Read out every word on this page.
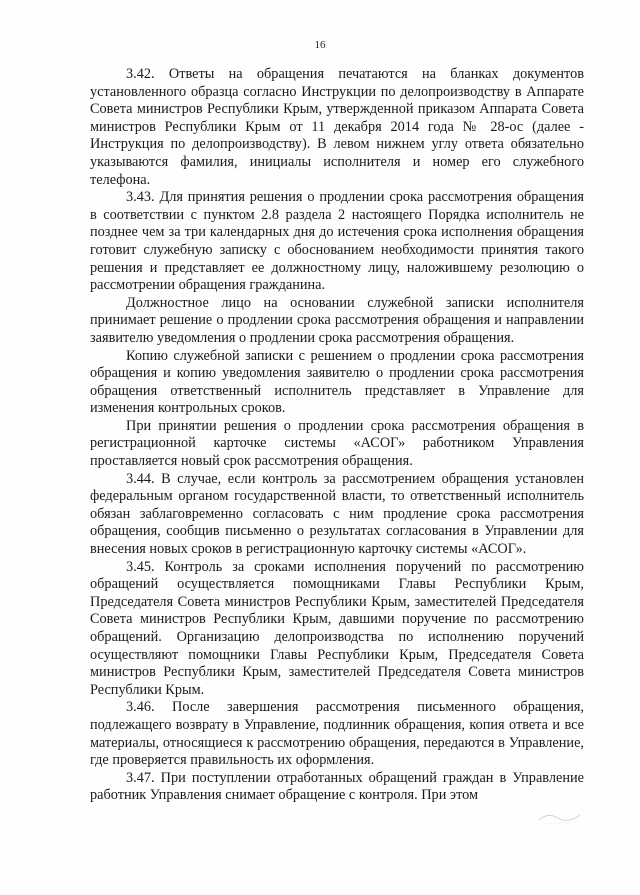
16

3.42. Ответы на обращения печатаются на бланках документов установленного образца согласно Инструкции по делопроизводству в Аппарате Совета министров Республики Крым, утвержденной приказом Аппарата Совета министров Республики Крым от 11 декабря 2014 года № 28-ос (далее - Инструкция по делопроизводству). В левом нижнем углу ответа обязательно указываются фамилия, инициалы исполнителя и номер его служебного телефона.

3.43. Для принятия решения о продлении срока рассмотрения обращения в соответствии с пунктом 2.8 раздела 2 настоящего Порядка исполнитель не позднее чем за три календарных дня до истечения срока исполнения обращения готовит служебную записку с обоснованием необходимости принятия такого решения и представляет ее должностному лицу, наложившему резолюцию о рассмотрении обращения гражданина.

Должностное лицо на основании служебной записки исполнителя принимает решение о продлении срока рассмотрения обращения и направлении заявителю уведомления о продлении срока рассмотрения обращения.

Копию служебной записки с решением о продлении срока рассмотрения обращения и копию уведомления заявителю о продлении срока рассмотрения обращения ответственный исполнитель представляет в Управление для изменения контрольных сроков.

При принятии решения о продлении срока рассмотрения обращения в регистрационной карточке системы «АСОГ» работником Управления проставляется новый срок рассмотрения обращения.

3.44. В случае, если контроль за рассмотрением обращения установлен федеральным органом государственной власти, то ответственный исполнитель обязан заблаговременно согласовать с ним продление срока рассмотрения обращения, сообщив письменно о результатах согласования в Управлении для внесения новых сроков в регистрационную карточку системы «АСОГ».

3.45. Контроль за сроками исполнения поручений по рассмотрению обращений осуществляется помощниками Главы Республики Крым, Председателя Совета министров Республики Крым, заместителей Председателя Совета министров Республики Крым, давшими поручение по рассмотрению обращений. Организацию делопроизводства по исполнению поручений осуществляют помощники Главы Республики Крым, Председателя Совета министров Республики Крым, заместителей Председателя Совета министров Республики Крым.

3.46. После завершения рассмотрения письменного обращения, подлежащего возврату в Управление, подлинник обращения, копия ответа и все материалы, относящиеся к рассмотрению обращения, передаются в Управление, где проверяется правильность их оформления.

3.47. При поступлении отработанных обращений граждан в Управление работник Управления снимает обращение с контроля. При этом
